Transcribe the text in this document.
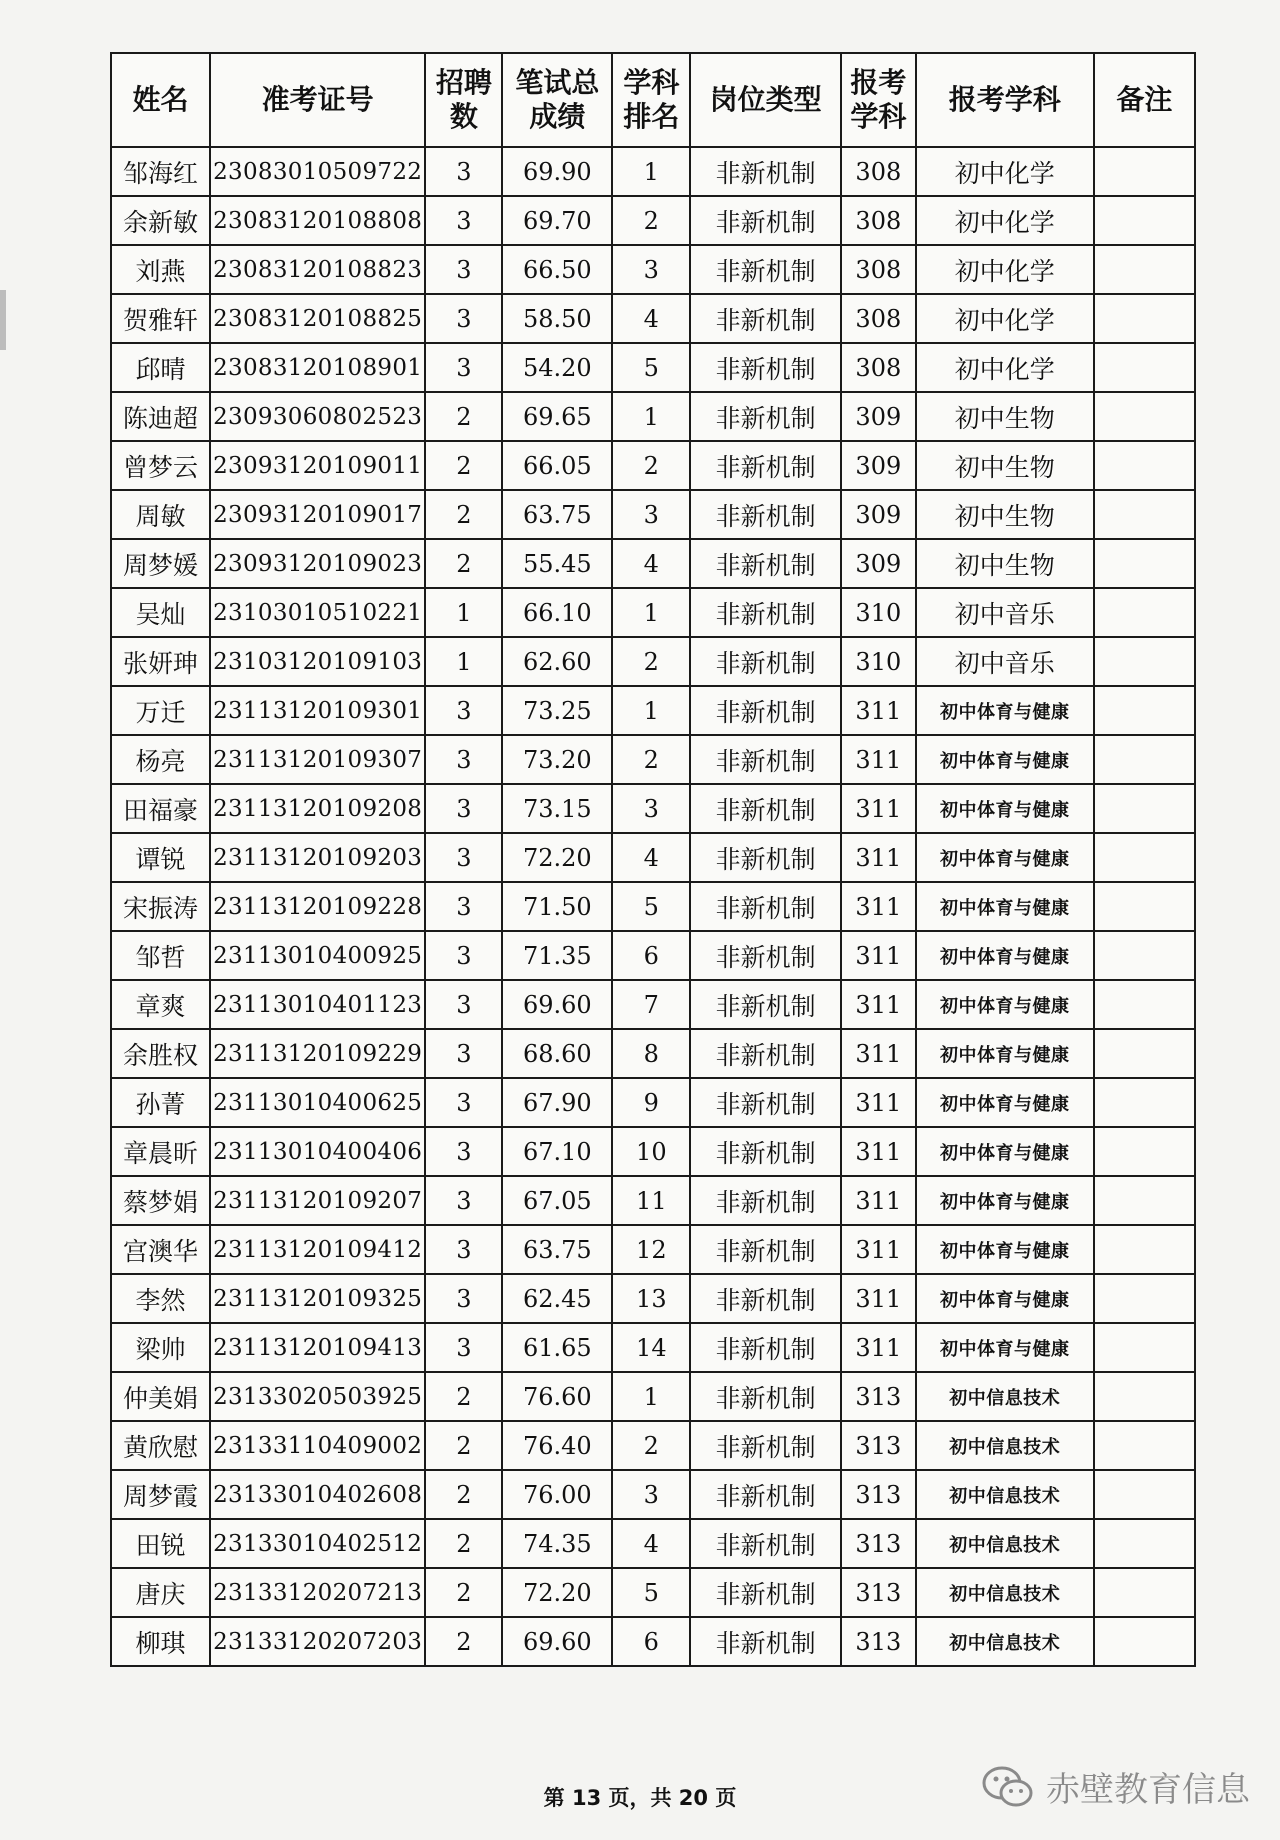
姓名	准考证号	招聘数	笔试总成绩	学科排名	岗位类型	报考学科	报考学科	备注
邹海红	23083010509722	3	69.90	1	非新机制	308	初中化学	
余新敏	23083120108808	3	69.70	2	非新机制	308	初中化学	
刘燕	23083120108823	3	66.50	3	非新机制	308	初中化学	
贺雅轩	23083120108825	3	58.50	4	非新机制	308	初中化学	
邱晴	23083120108901	3	54.20	5	非新机制	308	初中化学	
陈迪超	23093060802523	2	69.65	1	非新机制	309	初中生物	
曾梦云	23093120109011	2	66.05	2	非新机制	309	初中生物	
周敏	23093120109017	2	63.75	3	非新机制	309	初中生物	
周梦媛	23093120109023	2	55.45	4	非新机制	309	初中生物	
吴灿	23103010510221	1	66.10	1	非新机制	310	初中音乐	
张妍珅	23103120109103	1	62.60	2	非新机制	310	初中音乐	
万迁	23113120109301	3	73.25	1	非新机制	311	初中体育与健康	
杨亮	23113120109307	3	73.20	2	非新机制	311	初中体育与健康	
田福豪	23113120109208	3	73.15	3	非新机制	311	初中体育与健康	
谭锐	23113120109203	3	72.20	4	非新机制	311	初中体育与健康	
宋振涛	23113120109228	3	71.50	5	非新机制	311	初中体育与健康	
邹哲	23113010400925	3	71.35	6	非新机制	311	初中体育与健康	
章爽	23113010401123	3	69.60	7	非新机制	311	初中体育与健康	
余胜权	23113120109229	3	68.60	8	非新机制	311	初中体育与健康	
孙菁	23113010400625	3	67.90	9	非新机制	311	初中体育与健康	
章晨昕	23113010400406	3	67.10	10	非新机制	311	初中体育与健康	
蔡梦娟	23113120109207	3	67.05	11	非新机制	311	初中体育与健康	
宫澳华	23113120109412	3	63.75	12	非新机制	311	初中体育与健康	
李然	23113120109325	3	62.45	13	非新机制	311	初中体育与健康	
梁帅	23113120109413	3	61.65	14	非新机制	311	初中体育与健康	
仲美娟	23133020503925	2	76.60	1	非新机制	313	初中信息技术	
黄欣慰	23133110409002	2	76.40	2	非新机制	313	初中信息技术	
周梦霞	23133010402608	2	76.00	3	非新机制	313	初中信息技术	
田锐	23133010402512	2	74.35	4	非新机制	313	初中信息技术	
唐庆	23133120207213	2	72.20	5	非新机制	313	初中信息技术	
柳琪	23133120207203	2	69.60	6	非新机制	313	初中信息技术	
第 13 页，共 20 页	赤壁教育信息
